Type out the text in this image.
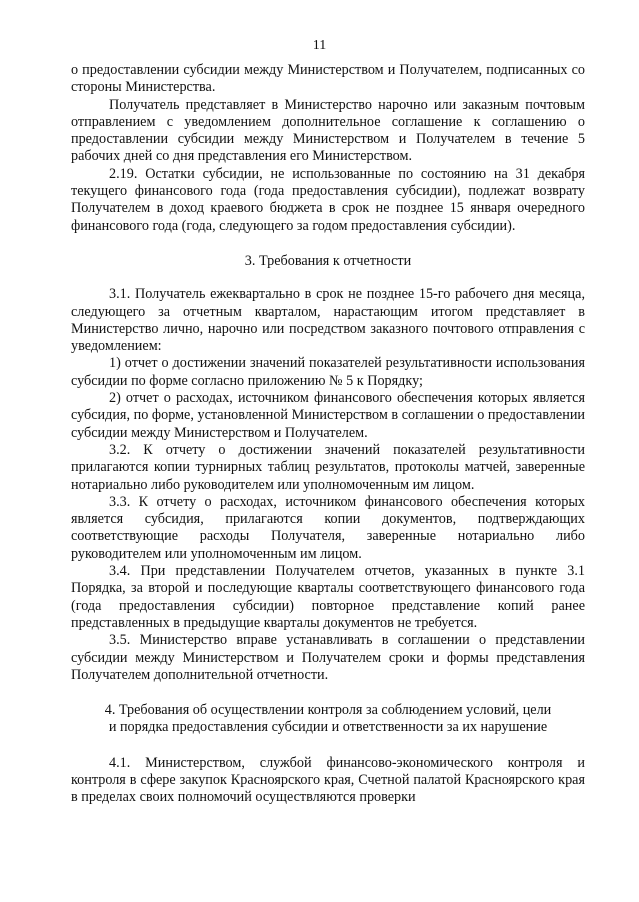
11

о предоставлении субсидии между Министерством и Получателем, подписанных со стороны Министерства.

Получатель представляет в Министерство нарочно или заказным почтовым отправлением с уведомлением дополнительное соглашение к соглашению о предоставлении субсидии между Министерством и Получателем в течение 5 рабочих дней со дня представления его Министерством.

2.19. Остатки субсидии, не использованные по состоянию на 31 декабря текущего финансового года (года предоставления субсидии), подлежат возврату Получателем в доход краевого бюджета в срок не позднее 15 января очередного финансового года (года, следующего за годом предоставления субсидии).

3. Требования к отчетности

3.1. Получатель ежеквартально в срок не позднее 15-го рабочего дня месяца, следующего за отчетным кварталом, нарастающим итогом представляет в Министерство лично, нарочно или посредством заказного почтового отправления с уведомлением:

1) отчет о достижении значений показателей результативности использования субсидии по форме согласно приложению № 5 к Порядку;

2) отчет о расходах, источником финансового обеспечения которых является субсидия, по форме, установленной Министерством в соглашении о предоставлении субсидии между Министерством и Получателем.

3.2. К отчету о достижении значений показателей результативности прилагаются копии турнирных таблиц результатов, протоколы матчей, заверенные нотариально либо руководителем или уполномоченным им лицом.

3.3. К отчету о расходах, источником финансового обеспечения которых является субсидия, прилагаются копии документов, подтверждающих соответствующие расходы Получателя, заверенные нотариально либо руководителем или уполномоченным им лицом.

3.4. При представлении Получателем отчетов, указанных в пункте 3.1 Порядка, за второй и последующие кварталы соответствующего финансового года (года предоставления субсидии) повторное представление копий ранее представленных в предыдущие кварталы документов не требуется.

3.5. Министерство вправе устанавливать в соглашении о представлении субсидии между Министерством и Получателем сроки и формы представления Получателем дополнительной отчетности.

4. Требования об осуществлении контроля за соблюдением условий, цели

и порядка предоставления субсидии и ответственности за их нарушение

4.1. Министерством, службой финансово-экономического контроля и контроля в сфере закупок Красноярского края, Счетной палатой Красноярского края в пределах своих полномочий осуществляются проверки
